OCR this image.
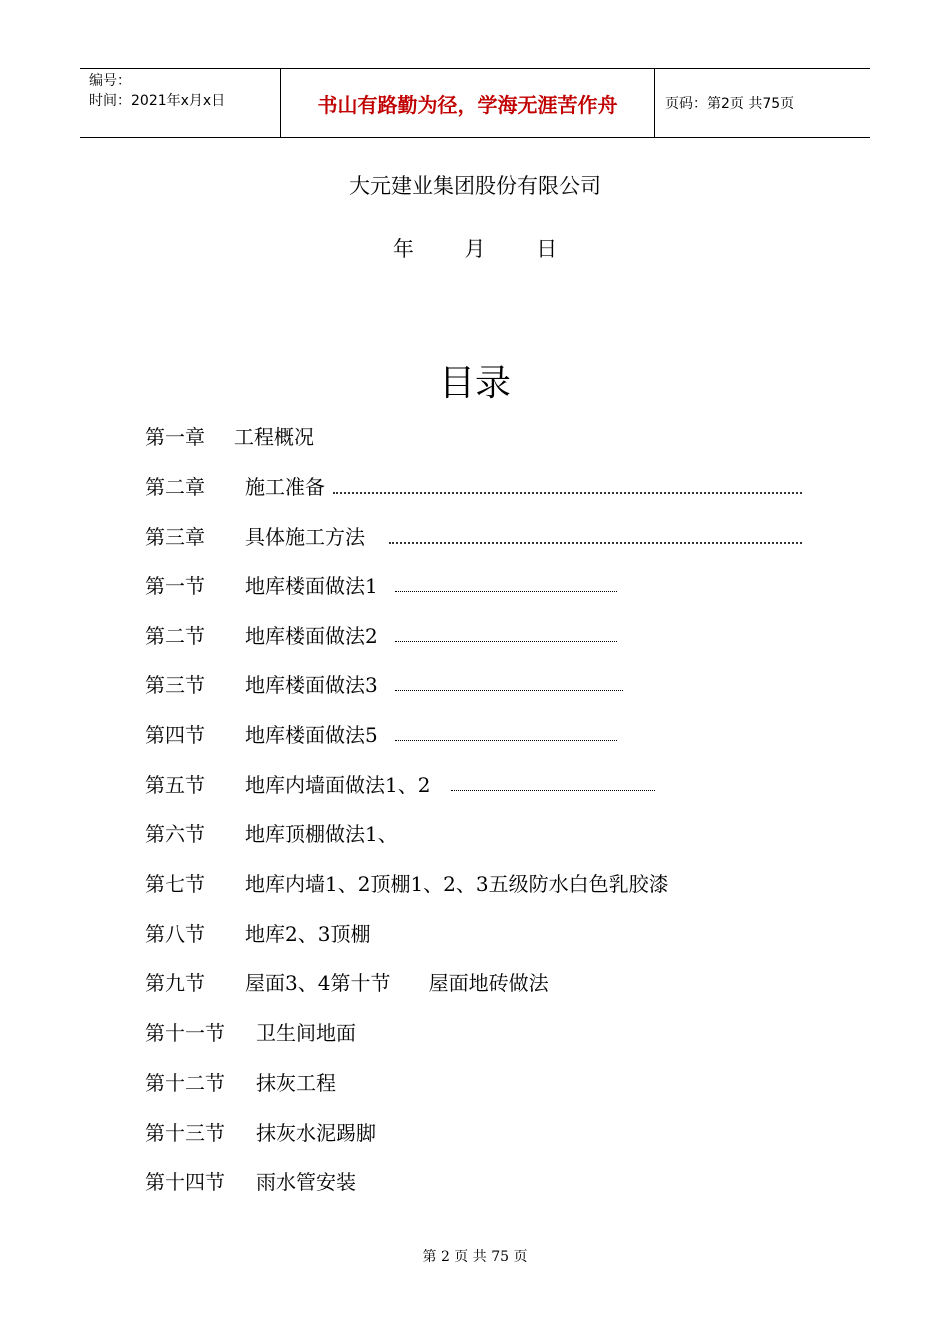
编号：
时间：2021年x月x日	书山有路勤为径，学海无涯苦作舟	页码：第2页 共75页
大元建业集团股份有限公司
年 月 日
目录
第一章 工程概况
第二章 施工准备
第三章 具体施工方法
第一节 地库楼面做法1
第二节 地库楼面做法2
第三节 地库楼面做法3
第四节 地库楼面做法5
第五节 地库内墙面做法1、2
第六节 地库顶棚做法1、
第七节 地库内墙1、2顶棚1、2、3五级防水白色乳胶漆
第八节 地库2、3顶棚
第九节 屋面3、4第十节      屋面地砖做法
第十一节 卫生间地面
第十二节 抹灰工程
第十三节 抹灰水泥踢脚
第十四节 雨水管安装
第 2 页 共 75 页
